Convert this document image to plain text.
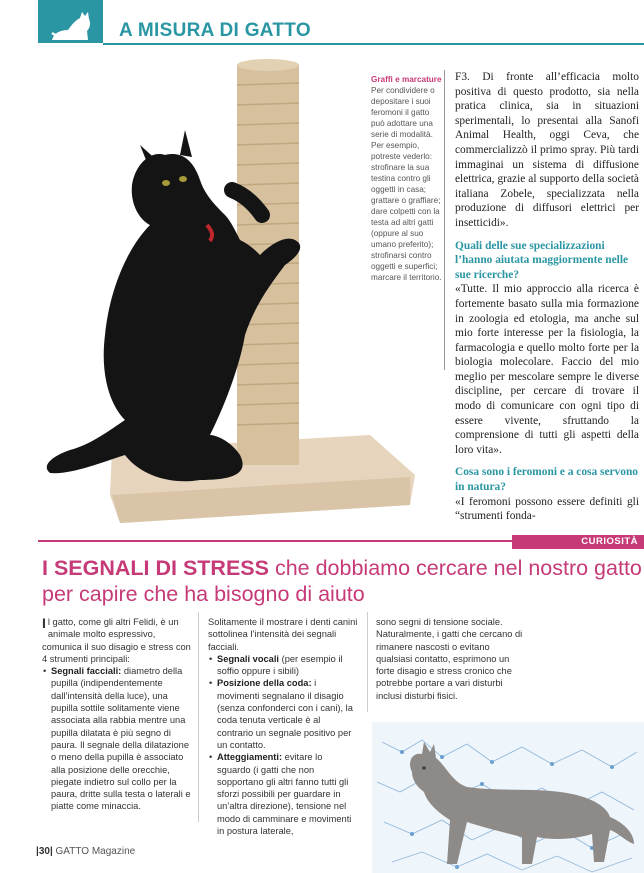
A MISURA DI GATTO
Graffi e marcature
Per condividere o depositare i suoi feromoni il gatto può adottare una serie di modalità. Per esempio, potreste vederlo: strofinare la sua testina contro gli oggetti in casa; grattare o graffiare; dare colpetti con la testa ad altri gatti (oppure al suo umano preferito); strofinarsi contro oggetti e superfici; marcare il territorio.

F3. Di fronte all’efficacia molto positiva di questo prodotto, sia nella pratica clinica, sia in situazioni sperimentali, lo presentai alla Sanofi Animal Health, oggi Ceva, che commercializzò il primo spray. Più tardi immaginai un sistema di diffusione elettrica, grazie al supporto della società italiana Zobele, specializzata nella produzione di diffusori elettrici per insetticidi».

Quali delle sue specializzazioni l’hanno aiutata maggiormente nelle sue ricerche?

«Tutte. Il mio approccio alla ricerca è fortemente basato sulla mia formazione in zoologia ed etologia, ma anche sul mio forte interesse per la fisiologia, la farmacologia e quello molto forte per la biologia molecolare. Faccio del mio meglio per mescolare sempre le diverse discipline, per cercare di trovare il modo di comunicare con ogni tipo di essere vivente, sfruttando la comprensione di tutti gli aspetti della loro vita».

Cosa sono i feromoni e a cosa servono in natura?

«I feromoni possono essere definiti gli “strumenti fonda-

CURIOSITÀ
I SEGNALI DI STRESS che dobbiamo cercare nel nostro gatto per capire che ha bisogno di aiuto

Il gatto, come gli altri Felidi, è un animale molto espressivo, comunica il suo disagio e stress con 4 strumenti principali:

• Segnali facciali: diametro della pupilla (indipendentemente dall’intensità della luce), una pupilla sottile solitamente viene associata alla rabbia mentre una pupilla dilatata è più segno di paura. Il segnale della dilatazione o meno della pupilla è associato alla posizione delle orecchie, piegate indietro sul collo per la paura, dritte sulla testa o laterali e piatte come minaccia.

Solitamente il mostrare i denti canini sottolinea l’intensità dei segnali facciali.

• Segnali vocali (per esempio il soffio oppure i sibili)
• Posizione della coda: i movimenti segnalano il disagio (senza confonderci con i cani), la coda tenuta verticale è al contrario un segnale positivo per un contatto.
• Atteggiamenti: evitare lo sguardo (i gatti che non sopportano gli altri fanno tutti gli sforzi possibili per guardare in un’altra direzione), tensione nel modo di camminare e movimenti in postura laterale,

sono segni di tensione sociale. Naturalmente, i gatti che cercano di rimanere nascosti o evitano qualsiasi contatto, esprimono un forte disagio e stress cronico che potrebbe portare a vari disturbi inclusi disturbi fisici.

|30| GATTO Magazine
